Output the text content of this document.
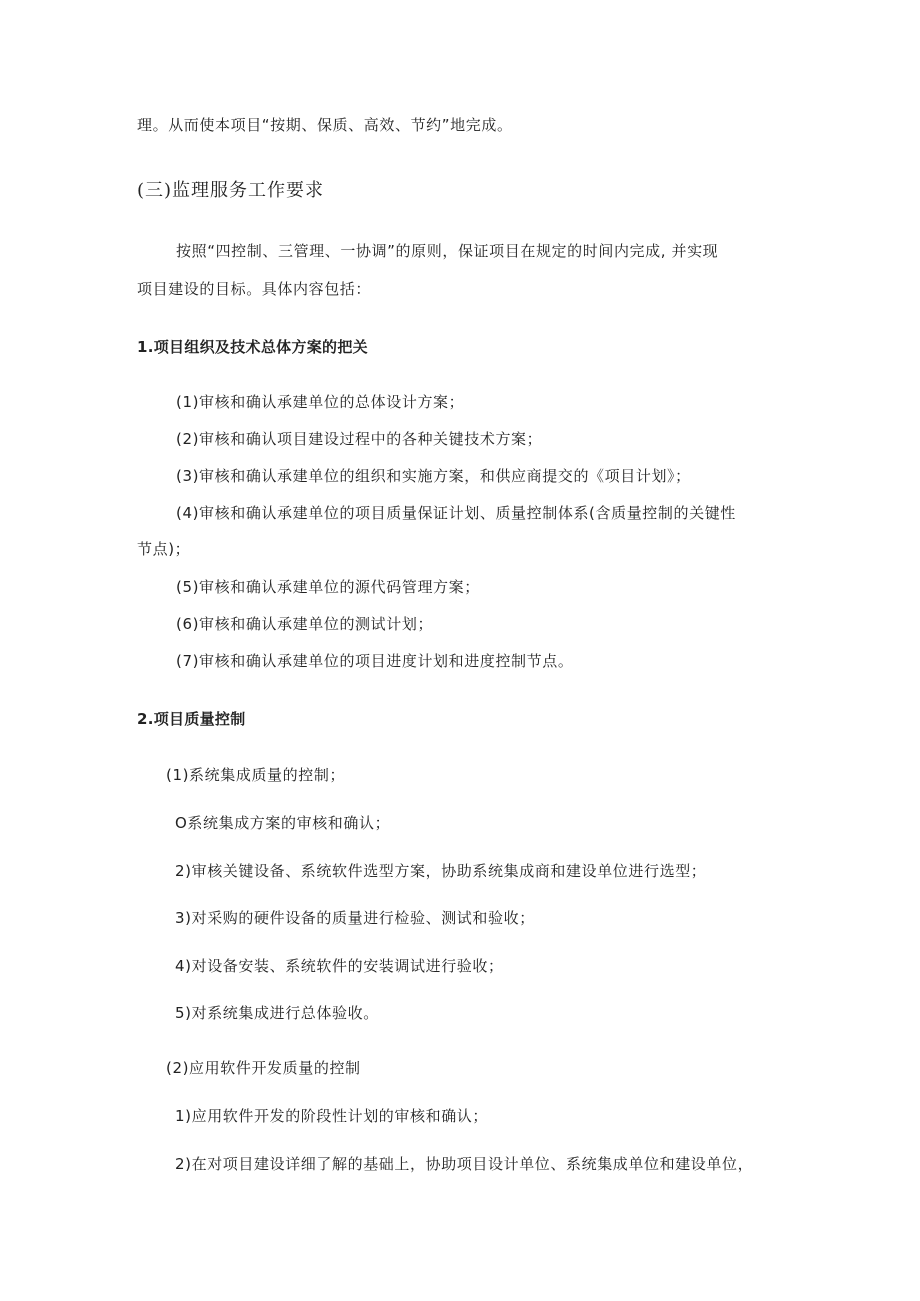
理。从而使本项目“按期、保质、高效、节约”地完成。
(三)监理服务工作要求
按照“四控制、三管理、一协调”的原则，保证项目在规定的时间内完成, 并实现
项目建设的目标。具体内容包括：
1.项目组织及技术总体方案的把关
(1)审核和确认承建单位的总体设计方案；
(2)审核和确认项目建设过程中的各种关键技术方案；
(3)审核和确认承建单位的组织和实施方案，和供应商提交的《项目计划》；
(4)审核和确认承建单位的项目质量保证计划、质量控制体系(含质量控制的关键性
节点)；
(5)审核和确认承建单位的源代码管理方案；
(6)审核和确认承建单位的测试计划；
(7)审核和确认承建单位的项目进度计划和进度控制节点。
2.项目质量控制
(1)系统集成质量的控制；
O系统集成方案的审核和确认；
2)审核关键设备、系统软件选型方案，协助系统集成商和建设单位进行选型；
3)对采购的硬件设备的质量进行检验、测试和验收；
4)对设备安装、系统软件的安装调试进行验收；
5)对系统集成进行总体验收。
(2)应用软件开发质量的控制
1)应用软件开发的阶段性计划的审核和确认；
2)在对项目建设详细了解的基础上，协助项目设计单位、系统集成单位和建设单位，
